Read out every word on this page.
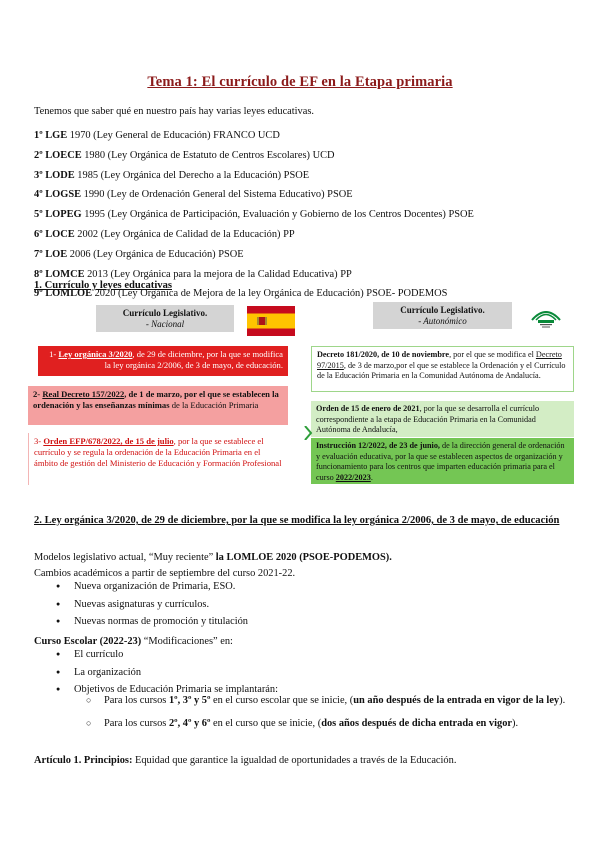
Tema 1: El currículo de EF en la Etapa primaria
Tenemos que saber qué en nuestro país hay varias leyes educativas.
1º LGE 1970 (Ley General de Educación) FRANCO UCD
2º LOECE 1980 (Ley Orgánica de Estatuto de Centros Escolares) UCD
3º LODE 1985 (Ley Orgánica del Derecho a la Educación) PSOE
4º LOGSE 1990 (Ley de Ordenación General del Sistema Educativo) PSOE
5º LOPEG 1995 (Ley Orgánica de Participación, Evaluación y Gobierno de los Centros Docentes) PSOE
6º LOCE 2002 (Ley Orgánica de Calidad de la Educación) PP
7º LOE 2006 (Ley Orgánica de Educación) PSOE
8º LOMCE 2013 (Ley Orgánica para la mejora de la Calidad Educativa) PP
9º LOMLOE 2020 (Ley Orgánica de Mejora de la ley Orgánica de Educación) PSOE- PODEMOS
1. Currículo y leyes educativas
Currículo Legislativo.
- Nacional
Currículo Legislativo.
- Autonómico
1- Ley orgánica 3/2020, de 29 de diciembre, por la que se modifica la ley orgánica 2/2006, de 3 de mayo, de educación.
2- Real Decreto 157/2022, de 1 de marzo, por el que se establecen la ordenación y las enseñanzas mínimas de la Educación Primaria
3- Orden EFP/678/2022, de 15 de julio, por la que se establece el currículo y se regula la ordenación de la Educación Primaria en el ámbito de gestión del Ministerio de Educación y Formación Profesional
Decreto 181/2020, de 10 de noviembre, por el que se modifica el Decreto 97/2015, de 3 de marzo,por el que se establece la Ordenación y el Currículo de la Educación Primaria en la Comunidad Autónoma de Andalucía.
Orden de 15 de enero de 2021, por la que se desarrolla el currículo correspondiente a la etapa de Educación Primaria en la Comunidad Autónoma de Andalucía,
Instrucción 12/2022, de 23 de junio, de la dirección general de ordenación y evaluación educativa, por la que se establecen aspectos de organización y funcionamiento para los centros que imparten educación primaria para el curso 2022/2023.
2. Ley orgánica 3/2020, de 29 de diciembre, por la que se modifica la ley orgánica 2/2006, de 3 de mayo, de educación
Modelos legislativo actual, “Muy reciente” la LOMLOE 2020 (PSOE-PODEMOS).
Cambios académicos a partir de septiembre del curso 2021-22.
● Nueva organización de Primaria, ESO.
● Nuevas asignaturas y currículos.
● Nuevas normas de promoción y titulación
Curso Escolar (2022-23) “Modificaciones” en:
● El currículo
● La organización
● Objetivos de Educación Primaria se implantarán:
○ Para los cursos 1º, 3º y 5º en el curso escolar que se inicie, (un año después de la entrada en vigor de la ley).
○ Para los cursos 2º, 4º y 6º en el curso que se inicie, (dos años después de dicha entrada en vigor).
Artículo 1. Principios: Equidad que garantice la igualdad de oportunidades a través de la Educación.
